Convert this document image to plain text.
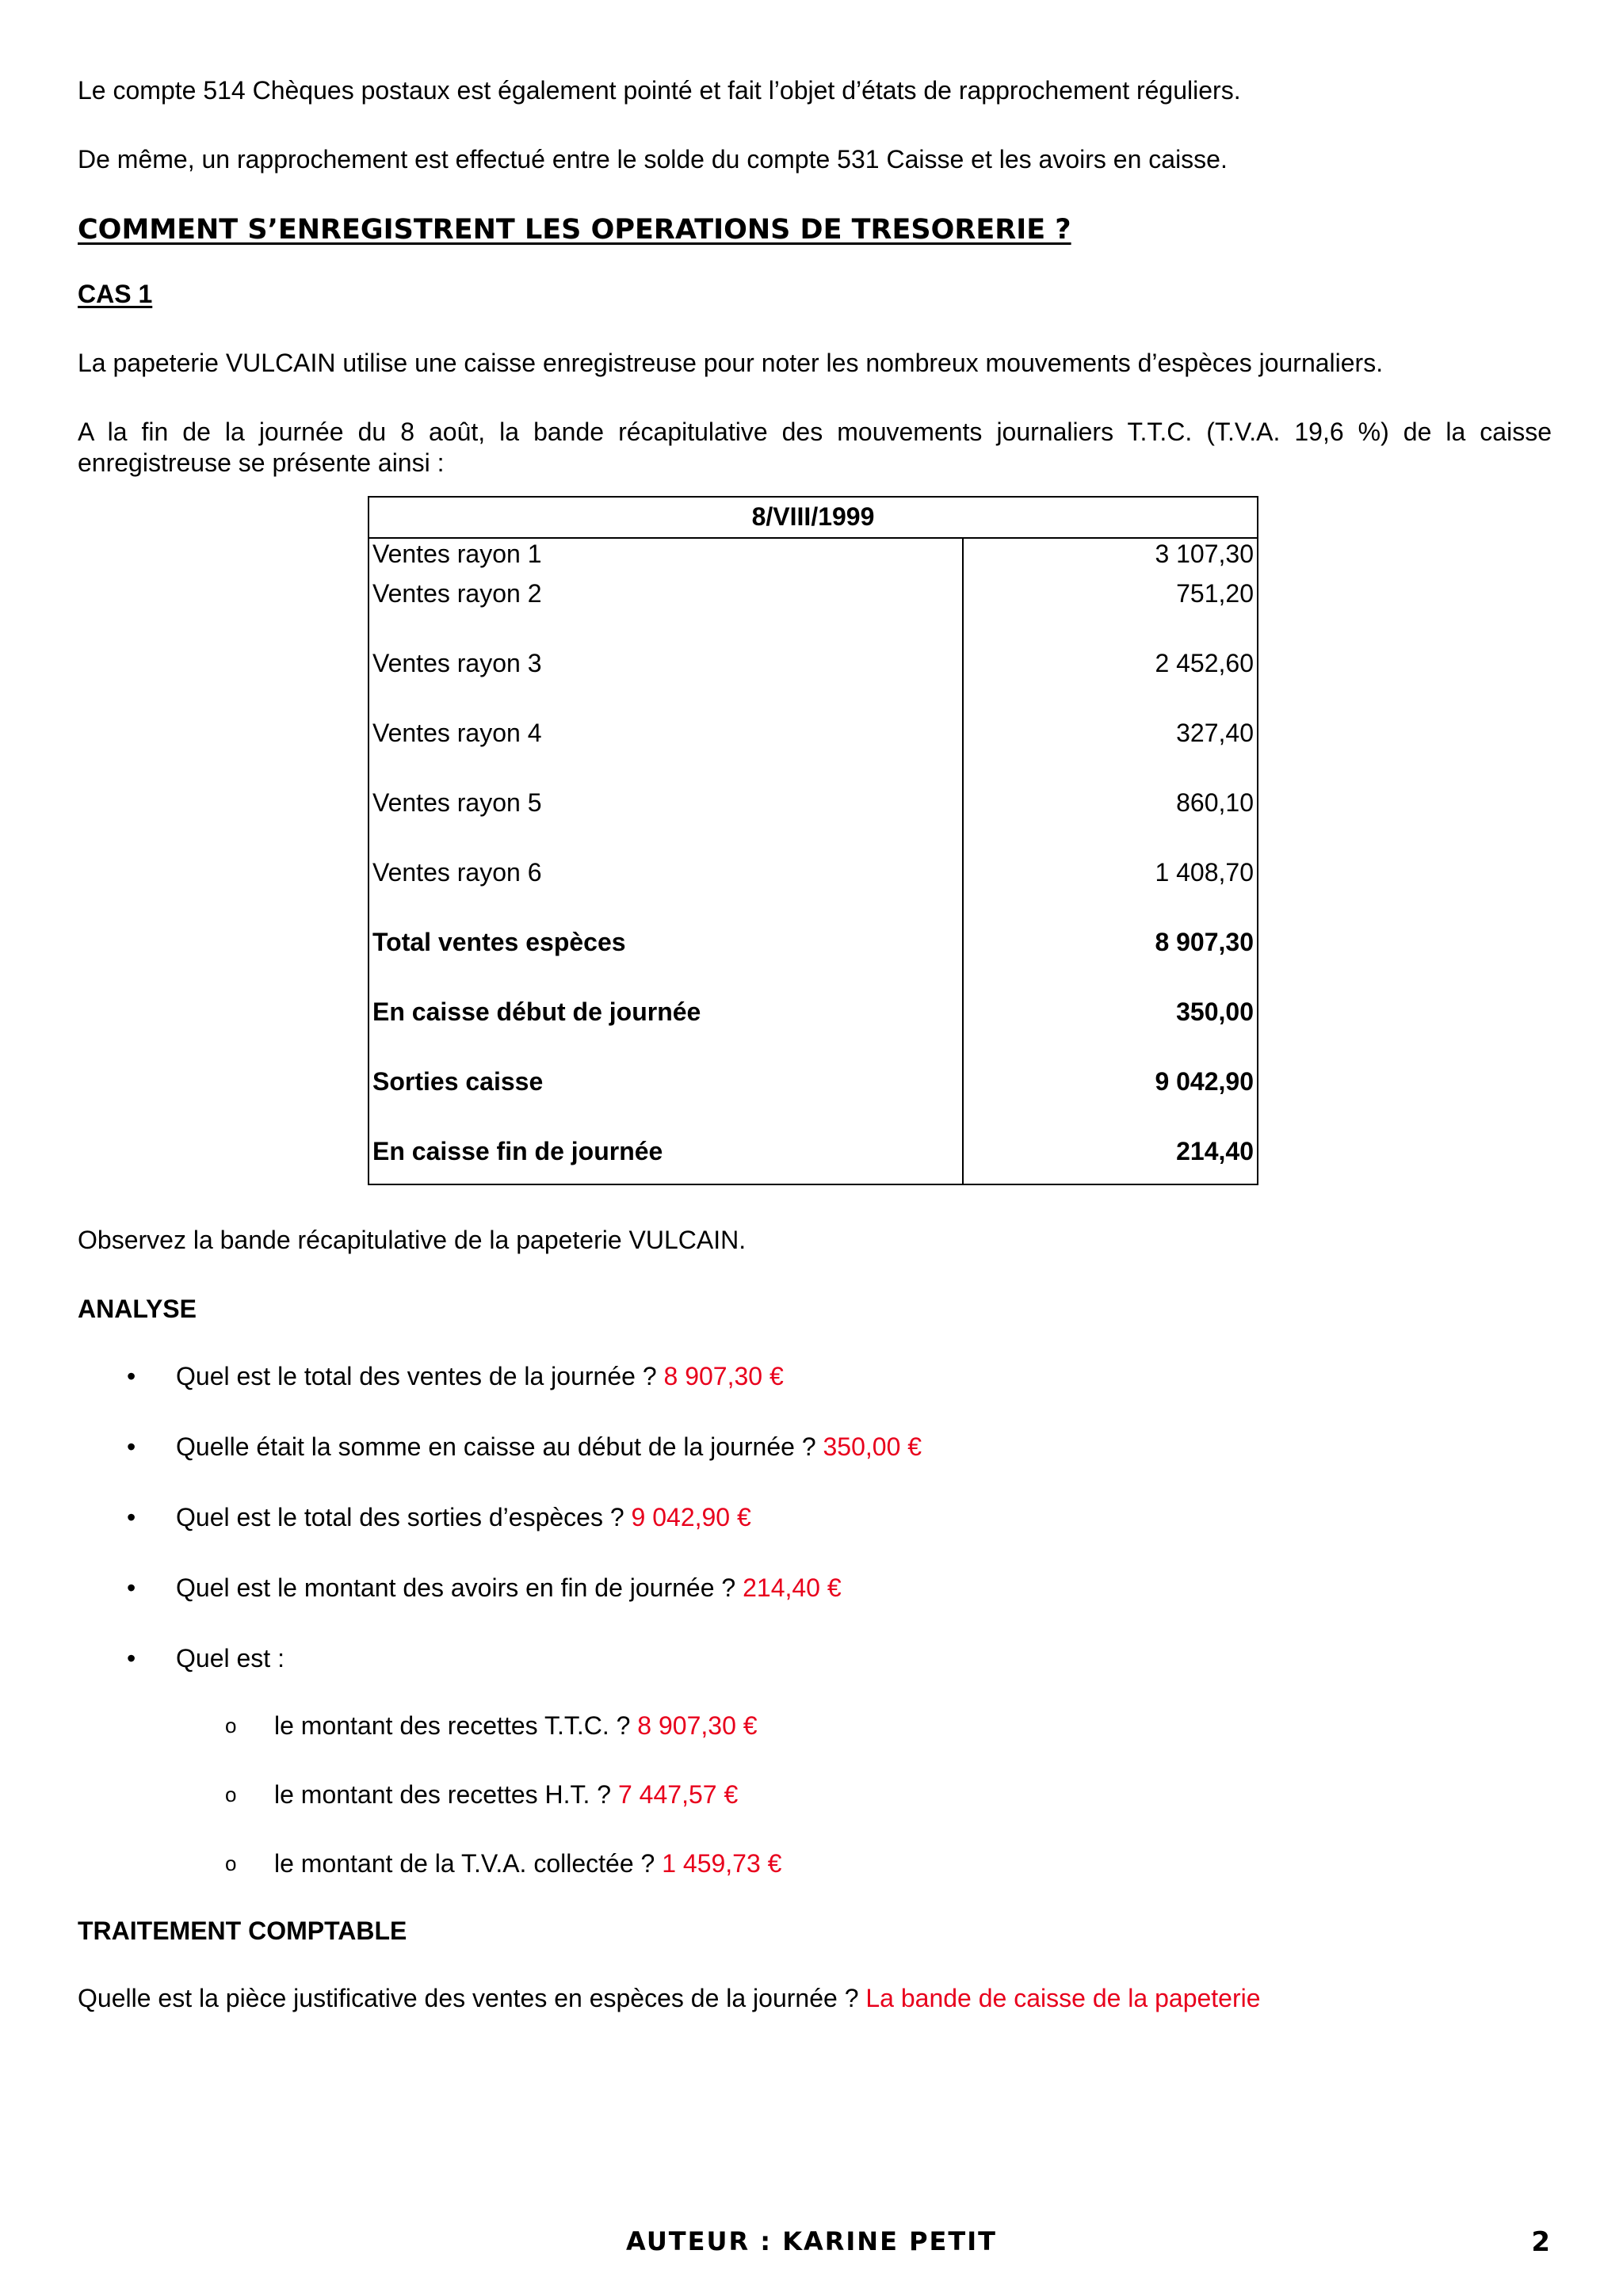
Le compte 514 Chèques postaux est également pointé et fait l’objet d’états de rapprochement réguliers.

De même, un rapprochement est effectué entre le solde du compte 531 Caisse et les avoirs en caisse.

COMMENT S’ENREGISTRENT LES OPERATIONS DE TRESORERIE ?

CAS 1

La papeterie VULCAIN utilise une caisse enregistreuse pour noter les nombreux mouvements d’espèces journaliers.

A la fin de la journée du 8 août, la bande récapitulative des mouvements journaliers T.T.C. (T.V.A. 19,6 %) de la caisse enregistreuse se présente ainsi :

8/VIII/1999	
Ventes rayon 1	3 107,30
Ventes rayon 2	751,20
Ventes rayon 3	2 452,60
Ventes rayon 4	327,40
Ventes rayon 5	860,10
Ventes rayon 6	1 408,70
Total ventes espèces	8 907,30
En caisse début de journée	350,00
Sorties caisse	9 042,90
En caisse fin de journée	214,40

Observez la bande récapitulative de la papeterie VULCAIN.

ANALYSE

• Quel est le total des ventes de la journée ? 8 907,30 €
• Quelle était la somme en caisse au début de la journée ? 350,00 €
• Quel est le total des sorties d’espèces ? 9 042,90 €
• Quel est le montant des avoirs en fin de journée ? 214,40 €
• Quel est :
o le montant des recettes T.T.C. ? 8 907,30 €
o le montant des recettes H.T. ? 7 447,57 €
o le montant de la T.V.A. collectée ? 1 459,73 €

TRAITEMENT COMPTABLE

Quelle est la pièce justificative des ventes en espèces de la journée ? La bande de caisse de la papeterie

AUTEUR : KARINE PETIT	2
